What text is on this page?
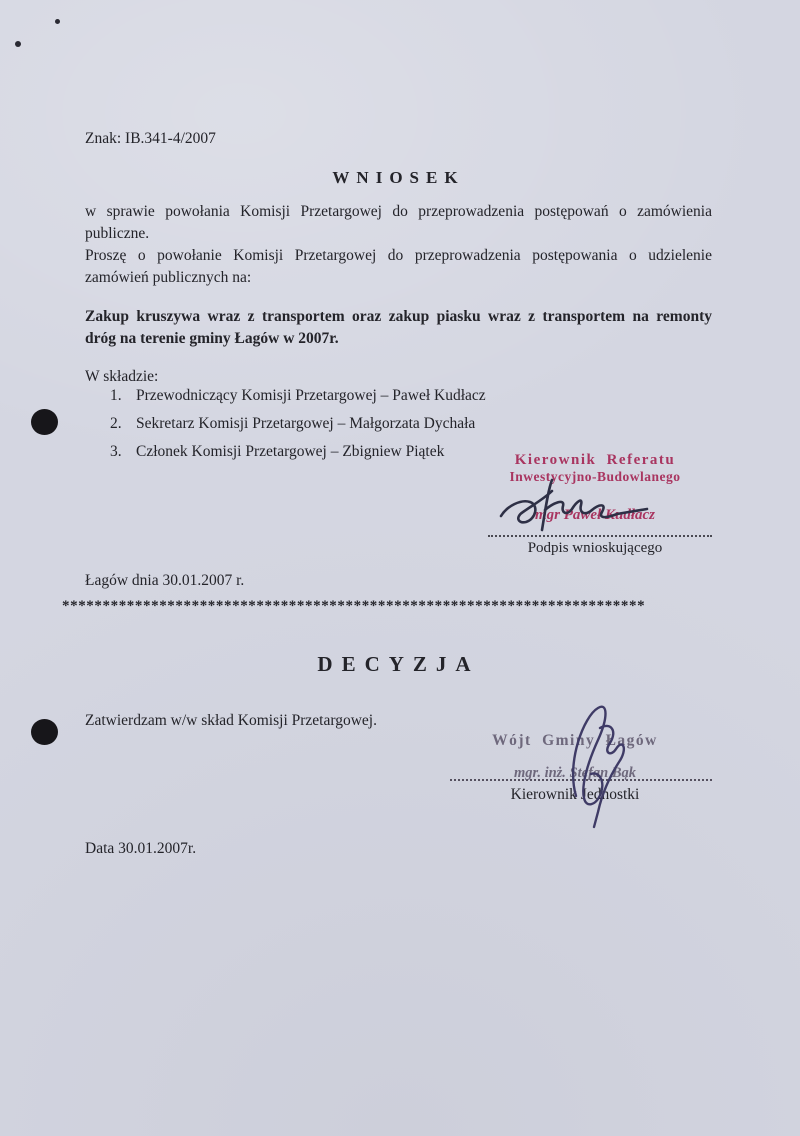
Znak: IB.341-4/2007
WNIOSEK
w sprawie powołania Komisji Przetargowej do przeprowadzenia postępowań o zamówienia
publiczne.
Proszę o powołanie Komisji Przetargowej do przeprowadzenia postępowania o udzielenie
zamówień publicznych na:
Zakup kruszywa wraz z transportem oraz zakup piasku wraz z transportem na remonty
dróg na terenie gminy Łagów w 2007r.
W składzie:
1. Przewodniczący Komisji Przetargowej – Paweł Kudłacz
2. Sekretarz Komisji Przetargowej – Małgorzata Dychała
3. Członek Komisji Przetargowej – Zbigniew Piątek	Kierownik Referatu
Inwestycyjno-Budowlanego
mgr Paweł Kudłacz
Podpis wnioskującego
Łagów dnia 30.01.2007 r.
************************************************************************
DECYZJA
Zatwierdzam w/w skład Komisji Przetargowej.
Wójt Gminy Łagów
mgr. inż. Stefan Bąk
Kierownik Jednostki
Data 30.01.2007r.
